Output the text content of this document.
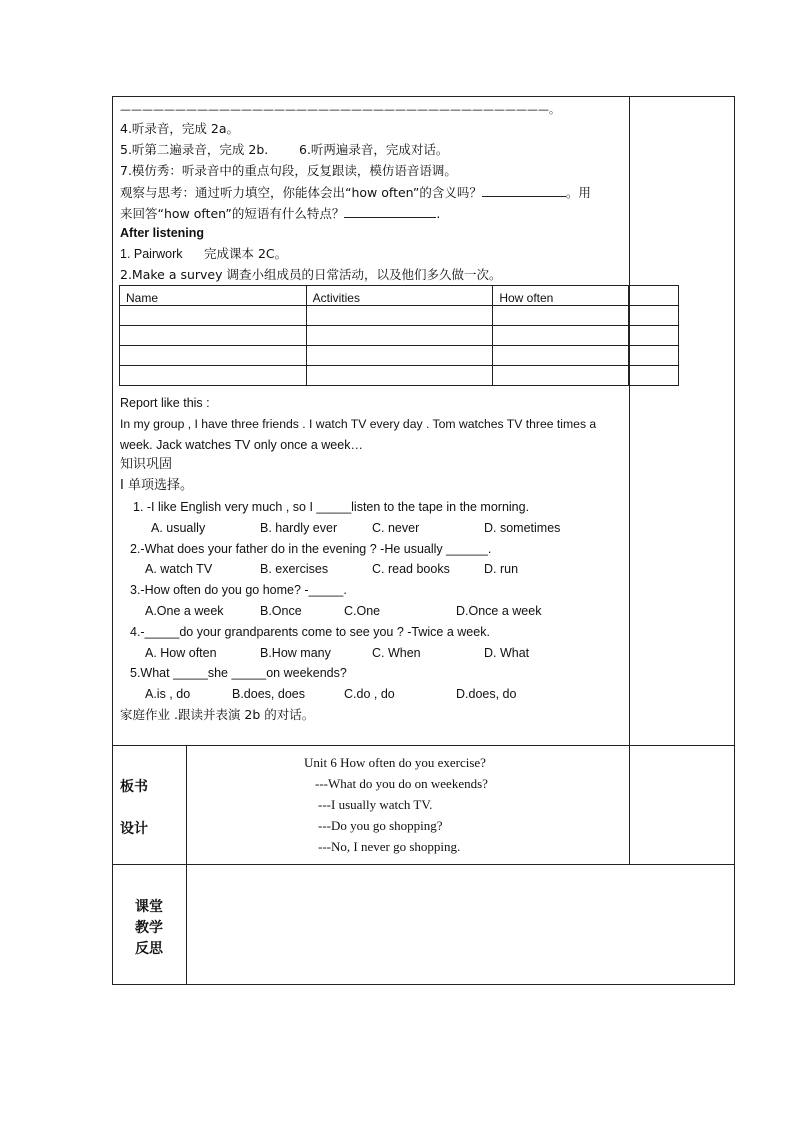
———————————————————————————————————————。
4.听录音，完成 2a。
5.听第二遍录音，完成 2b. 6.听两遍录音，完成对话。
7.模仿秀：听录音中的重点句段，反复跟读，模仿语音语调。
观察与思考：通过听力填空，你能体会出“how often”的含义吗？	。用
来回答“how often”的短语有什么特点？	.
After listening
1. Pairwork 完成课本 2C。
2.Make a survey 调查小组成员的日常活动，以及他们多久做一次。
Name	Activities	How often	

Report like this :
In my group , I have three friends . I watch TV every day . Tom watches TV three times a
week. Jack watches TV only once a week…
知识巩固
I 单项选择。
1. -I like English very much , so I _____listen to the tape in the morning.
A. usually	B. hardly ever	C. never	D. sometimes
2.-What does your father do in the evening ? -He usually ______.
A. watch TV	B. exercises	C. read books	D. run
3.-How often do you go home? -_____.
A.One a week	B.Once	C.One	D.Once a week
4.-_____do your grandparents come to see you ? -Twice a week.
A. How often	B.How many	C. When	D. What
5.What _____she _____on weekends?
A.is , do	B.does, does	C.do , do	D.does, do
家庭作业 .跟读并表演 2b 的对话。
板书
设计
Unit 6 How often do you exercise?
---What do you do on weekends?
---I usually watch TV.
---Do you go shopping?
---No, I never go shopping.
课堂
教学
反思
